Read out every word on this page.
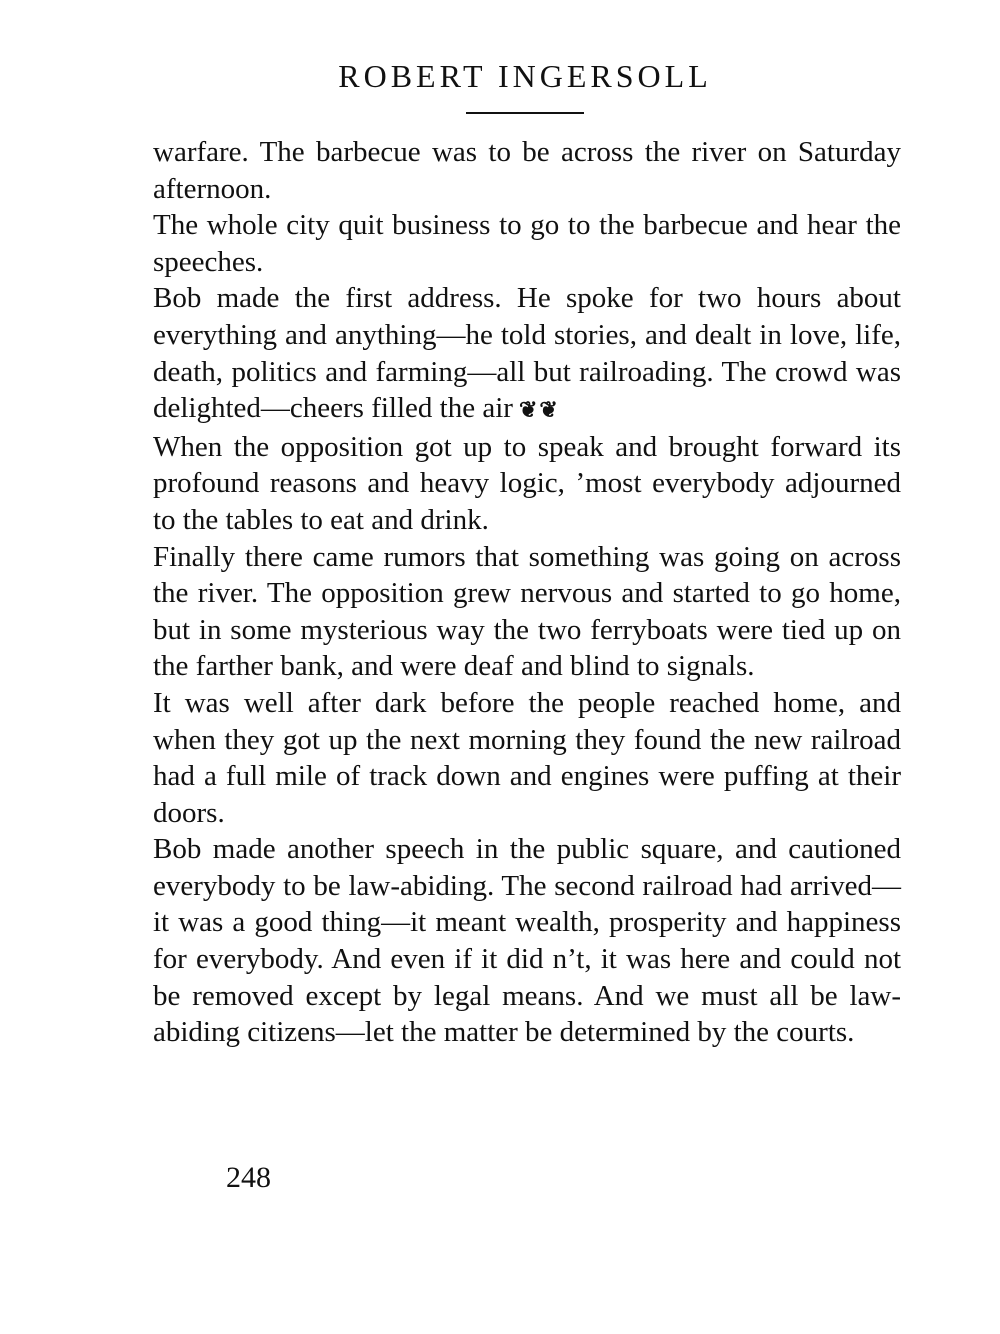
ROBERT INGERSOLL

warfare. The barbecue was to be across the river on Saturday afternoon.

The whole city quit business to go to the barbecue and hear the speeches.

Bob made the first address. He spoke for two hours about everything and anything—he told stories, and dealt in love, life, death, politics and farming—all but railroading. The crowd was delighted—cheers filled the air ❦❦

When the opposition got up to speak and brought forward its profound reasons and heavy logic, ’most everybody adjourned to the tables to eat and drink.

Finally there came rumors that something was going on across the river. The opposition grew nervous and started to go home, but in some mysterious way the two ferryboats were tied up on the farther bank, and were deaf and blind to signals.

It was well after dark before the people reached home, and when they got up the next morning they found the new railroad had a full mile of track down and engines were puffing at their doors.

Bob made another speech in the public square, and cautioned everybody to be law-abiding. The second railroad had arrived—it was a good thing—it meant wealth, prosperity and happiness for everybody. And even if it did n’t, it was here and could not be removed except by legal means. And we must all be law-abiding citizens—let the matter be determined by the courts.

248
